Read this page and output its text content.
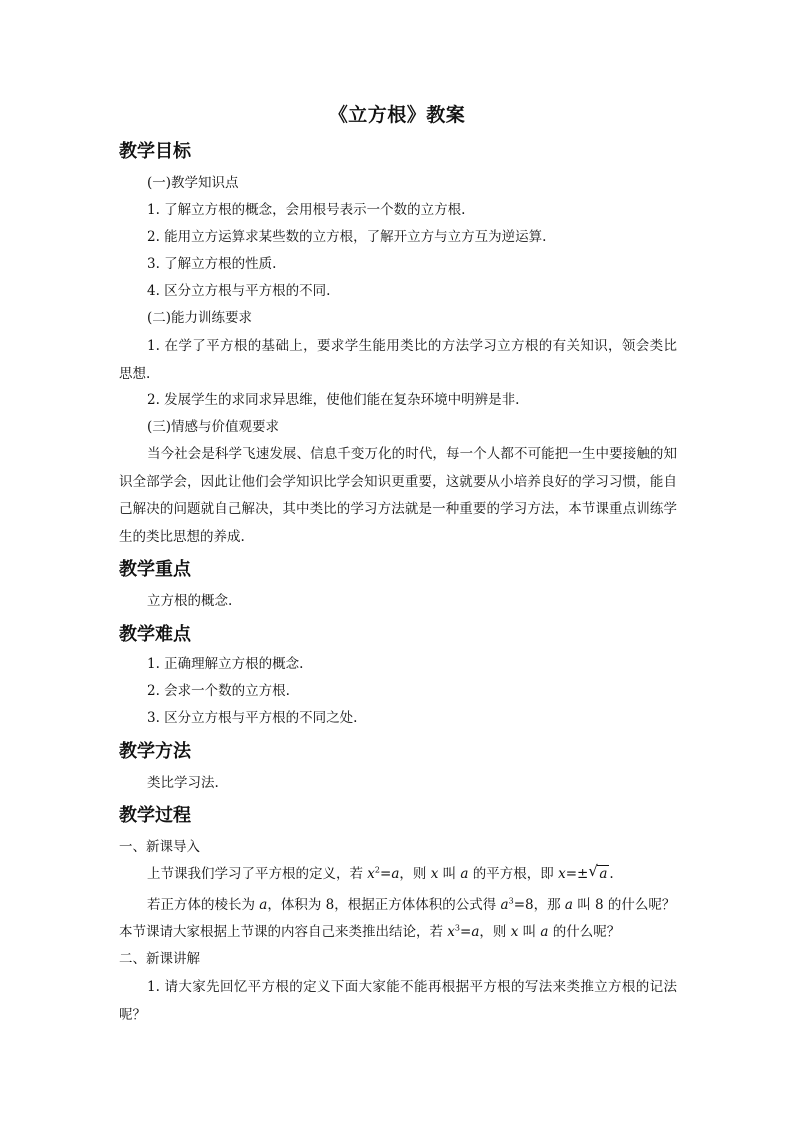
《立方根》教案
教学目标
(一)教学知识点
1. 了解立方根的概念，会用根号表示一个数的立方根.
2. 能用立方运算求某些数的立方根，了解开立方与立方互为逆运算.
3. 了解立方根的性质.
4. 区分立方根与平方根的不同.
(二)能力训练要求
1. 在学了平方根的基础上，要求学生能用类比的方法学习立方根的有关知识，领会类比思想.
2. 发展学生的求同求异思维，使他们能在复杂环境中明辨是非.
(三)情感与价值观要求
当今社会是科学飞速发展、信息千变万化的时代，每一个人都不可能把一生中要接触的知识全部学会，因此让他们会学知识比学会知识更重要，这就要从小培养良好的学习习惯，能自己解决的问题就自己解决，其中类比的学习方法就是一种重要的学习方法，本节课重点训练学生的类比思想的养成.
教学重点
立方根的概念.
教学难点
1. 正确理解立方根的概念.
2. 会求一个数的立方根.
3. 区分立方根与平方根的不同之处.
教学方法
类比学习法.
教学过程
一、新课导入
上节课我们学习了平方根的定义，若 $x^2=a$，则 x 叫 a 的平方根，即 x=± √ a .
若正方体的棱长为 a，体积为 8，根据正方体体积的公式得 $a^3=8$，那 a 叫 8 的什么呢？
本节课请大家根据上节课的内容自己来类推出结论，若 $x^3=a$，则 x 叫 a 的什么呢？
二、新课讲解
1. 请大家先回忆平方根的定义下面大家能不能再根据平方根的写法来类推立方根的记法呢？
